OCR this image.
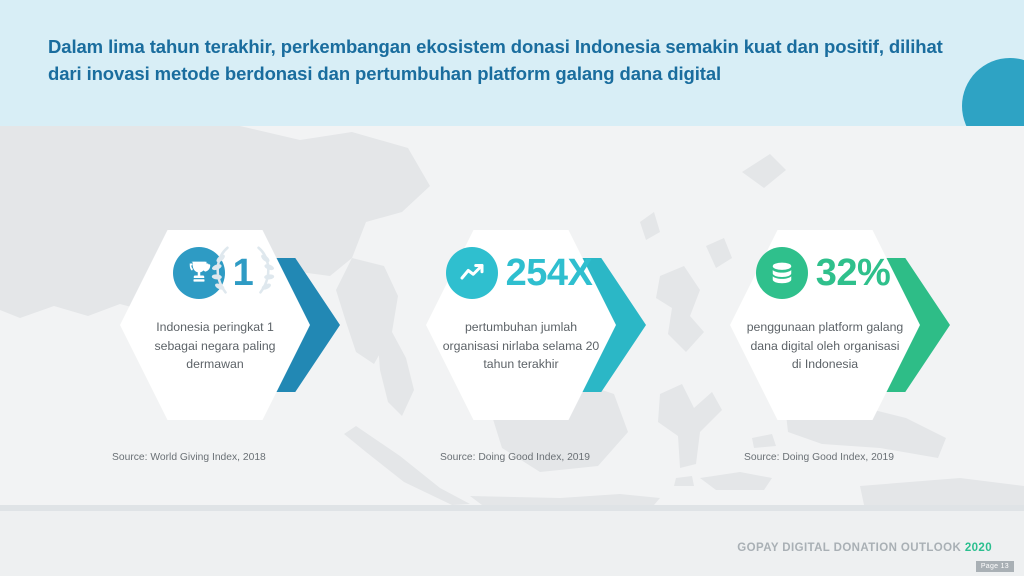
Dalam lima tahun terakhir, perkembangan ekosistem donasi Indonesia semakin kuat dan positif, dilihat dari inovasi metode berdonasi dan pertumbuhan platform galang dana digital
1
Indonesia peringkat 1 sebagai negara paling dermawan
Source: World Giving Index, 2018
254X
pertumbuhan jumlah organisasi nirlaba selama 20 tahun terakhir
Source: Doing Good Index, 2019
32%
penggunaan platform galang dana digital oleh organisasi di Indonesia
Source: Doing Good Index, 2019
GOPAY DIGITAL DONATION OUTLOOK 2020
Page 13
